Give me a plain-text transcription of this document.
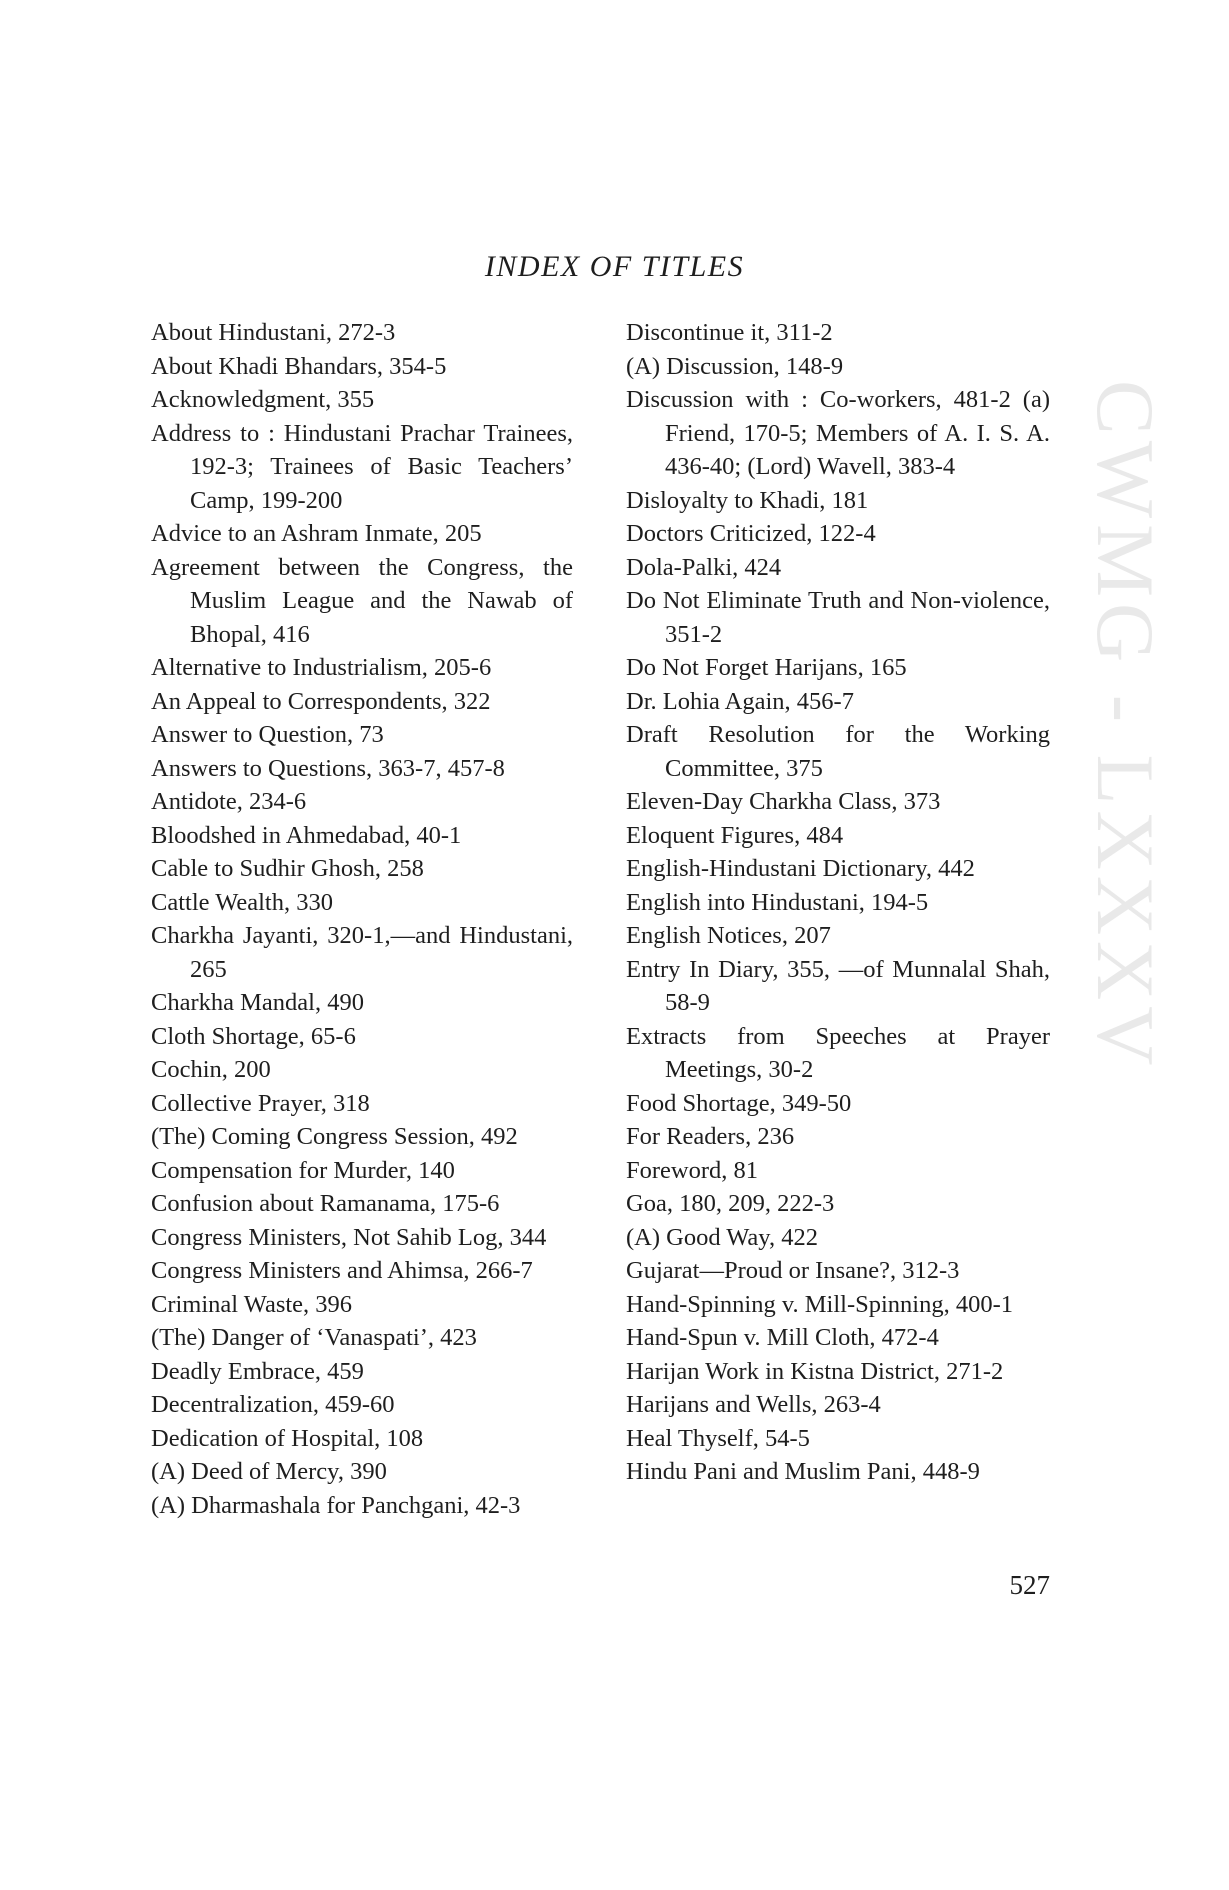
INDEX OF TITLES
About Hindustani, 272-3
About Khadi Bhandars, 354-5
Acknowledgment, 355
Address to : Hindustani Prachar Trainees, 192-3; Trainees of Basic Teachers’ Camp, 199-200
Advice to an Ashram Inmate, 205
Agreement between the Congress, the Muslim League and the Nawab of Bhopal, 416
Alternative to Industrialism, 205-6
An Appeal to Correspondents, 322
Answer to Question, 73
Answers to Questions, 363-7, 457-8
Antidote, 234-6
Bloodshed in Ahmedabad, 40-1
Cable to Sudhir Ghosh, 258
Cattle Wealth, 330
Charkha Jayanti, 320-1,—and Hindustani, 265
Charkha Mandal, 490
Cloth Shortage, 65-6
Cochin, 200
Collective Prayer, 318
(The) Coming Congress Session, 492
Compensation for Murder, 140
Confusion about Ramanama, 175-6
Congress Ministers, Not Sahib Log, 344
Congress Ministers and Ahimsa, 266-7
Criminal Waste, 396
(The) Danger of ‘Vanaspati’, 423
Deadly Embrace, 459
Decentralization, 459-60
Dedication of Hospital, 108
(A) Deed of Mercy, 390
(A) Dharmashala for Panchgani, 42-3
Discontinue it, 311-2
(A) Discussion, 148-9
Discussion with : Co-workers, 481-2 (a) Friend, 170-5; Members of A. I. S. A. 436-40; (Lord) Wavell, 383-4
Disloyalty to Khadi, 181
Doctors Criticized, 122-4
Dola-Palki, 424
Do Not Eliminate Truth and Non-violence, 351-2
Do Not Forget Harijans, 165
Dr. Lohia Again, 456-7
Draft Resolution for the Working Committee, 375
Eleven-Day Charkha Class, 373
Eloquent Figures, 484
English-Hindustani Dictionary, 442
English into Hindustani, 194-5
English Notices, 207
Entry In Diary, 355, —of Munnalal Shah, 58-9
Extracts from Speeches at Prayer Meetings, 30-2
Food Shortage, 349-50
For Readers, 236
Foreword, 81
Goa, 180, 209, 222-3
(A) Good Way, 422
Gujarat—Proud or Insane?, 312-3
Hand-Spinning v. Mill-Spinning, 400-1
Hand-Spun v. Mill Cloth, 472-4
Harijan Work in Kistna District, 271-2
Harijans and Wells, 263-4
Heal Thyself, 54-5
Hindu Pani and Muslim Pani, 448-9
CWMG - LXXXV

527
